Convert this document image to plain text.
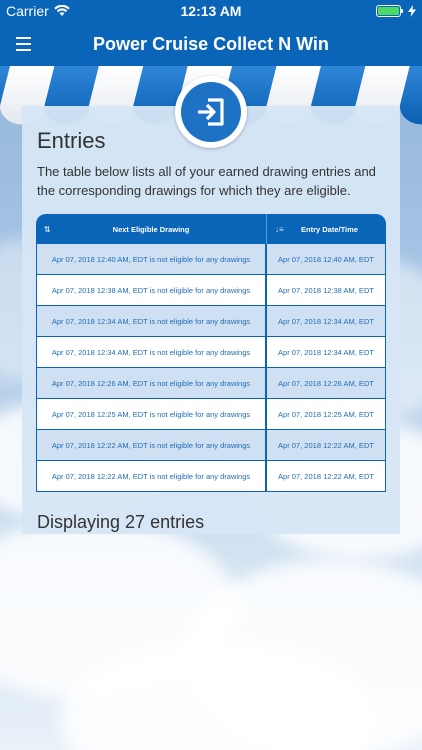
Carrier	12:13 AM
Power Cruise Collect N Win
Entries

The table below lists all of your earned drawing entries and the corresponding drawings for which they are eligible.

⇅	Next Eligible Drawing	↓≡	Entry Date/Time
Apr 07, 2018 12:40 AM, EDT is not eligible for any drawings	Apr 07, 2018 12:40 AM, EDT
Apr 07, 2018 12:38 AM, EDT is not eligible for any drawings	Apr 07, 2018 12:38 AM, EDT
Apr 07, 2018 12:34 AM, EDT is not eligible for any drawings	Apr 07, 2018 12:34 AM, EDT
Apr 07, 2018 12:34 AM, EDT is not eligible for any drawings	Apr 07, 2018 12:34 AM, EDT
Apr 07, 2018 12:26 AM, EDT is not eligible for any drawings	Apr 07, 2018 12:26 AM, EDT
Apr 07, 2018 12:25 AM, EDT is not eligible for any drawings	Apr 07, 2018 12:25 AM, EDT
Apr 07, 2018 12:22 AM, EDT is not eligible for any drawings	Apr 07, 2018 12:22 AM, EDT
Apr 07, 2018 12:22 AM, EDT is not eligible for any drawings	Apr 07, 2018 12:22 AM, EDT
Displaying 27 entries
